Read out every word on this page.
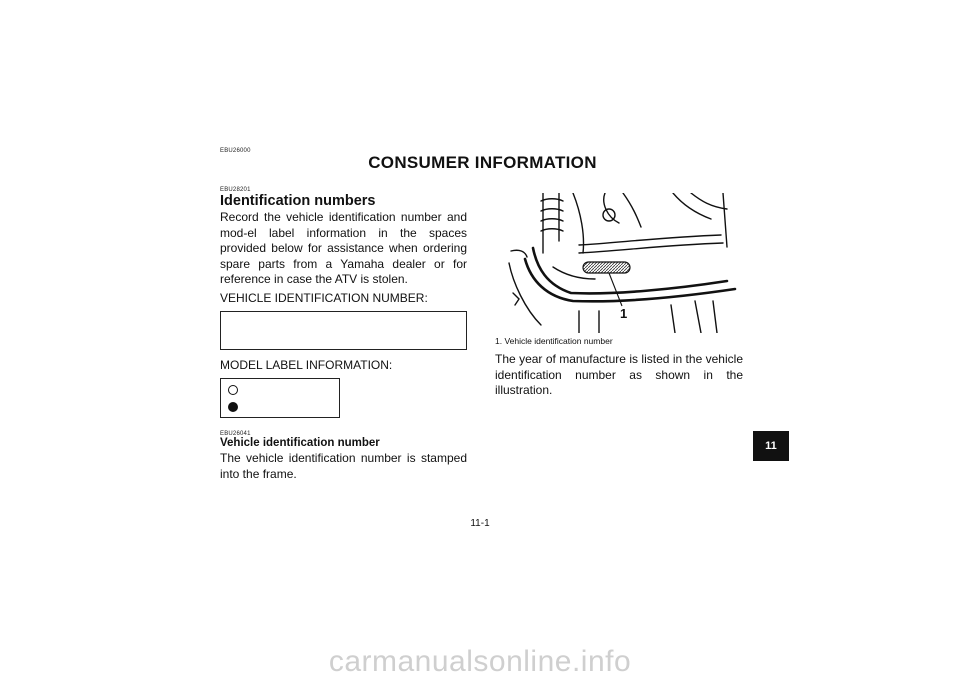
EBU26000
CONSUMER INFORMATION
EBU28201
Identification numbers
Record the vehicle identification number and mod-el label information in the spaces provided below for assistance when ordering spare parts from a Yamaha dealer or for reference in case the ATV is stolen.
VEHICLE IDENTIFICATION NUMBER:
MODEL LABEL INFORMATION:
EBU26041
Vehicle identification number
The vehicle identification number is stamped into the frame.
1
1. Vehicle identification number
The year of manufacture is listed in the vehicle identification number as shown in the illustration.
11
11-1
carmanualsonline.info
